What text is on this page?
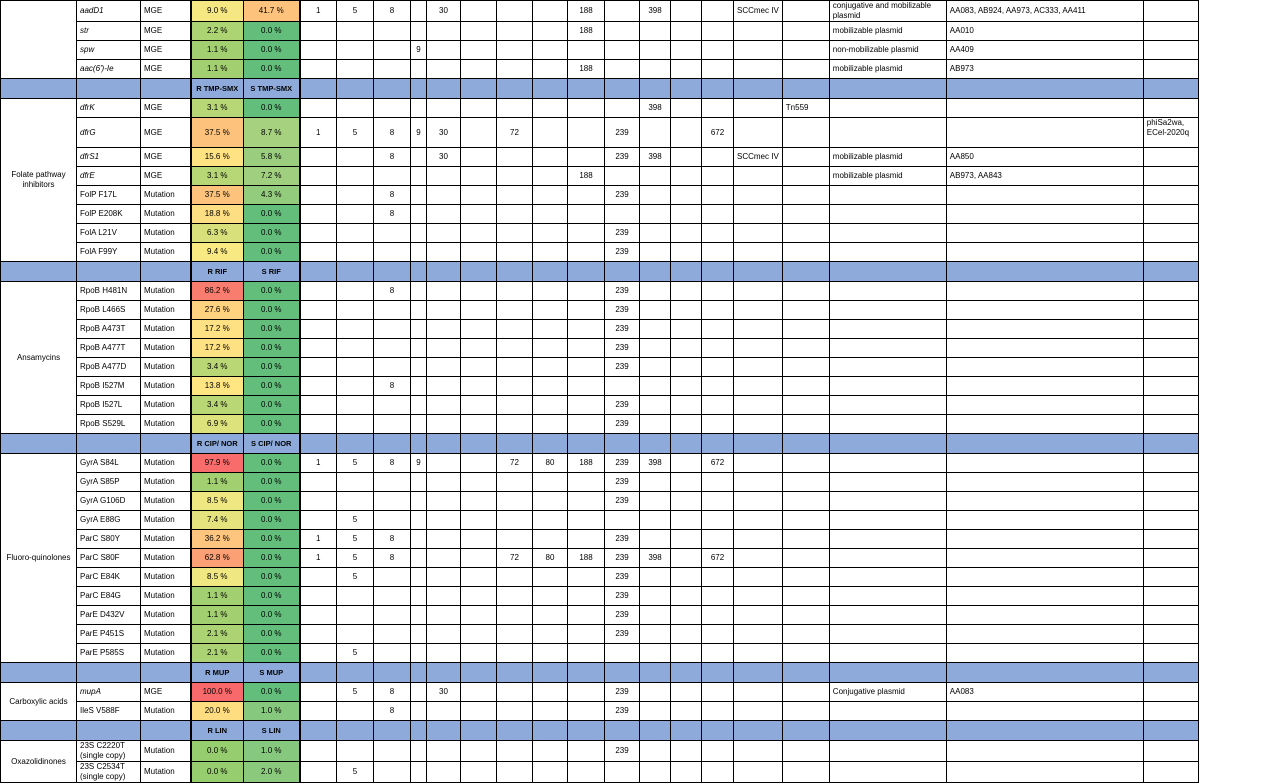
	aadD1	MGE	9.0 %	41.7 %	1	5	8		30				188		398			SCCmec IV		conjugative and mobilizable plasmid	AA083, AB924, AA973, AC333, AA411	
	str	MGE	2.2 %	0.0 %									188							mobilizable plasmid	AA010	
	spw	MGE	1.1 %	0.0 %				9												non-mobilizable plasmid	AA409	
	aac(6')-Ie	MGE	1.1 %	0.0 %									188							mobilizable plasmid	AB973	
			R TMP-SMX	S TMP-SMX																		
Folate pathway inhibitors	dfrK	MGE	3.1 %	0.0 %											398				Tn559			
	dfrG	MGE	37.5 %	8.7 %	1	5	8	9	30		72			239			672					phiSa2wa, ECel-2020q
	dfrS1	MGE	15.6 %	5.8 %			8		30					239	398			SCCmec IV		mobilizable plasmid	AA850	
	dfrE	MGE	3.1 %	7.2 %									188							mobilizable plasmid	AB973, AA843	
	FolP F17L	Mutation	37.5 %	4.3 %			8							239								
	FolP E208K	Mutation	18.8 %	0.0 %			8															
	FolA L21V	Mutation	6.3 %	0.0 %										239								
	FolA F99Y	Mutation	9.4 %	0.0 %										239								
			R RIF	S RIF																		
Ansamycins	RpoB H481N	Mutation	86.2 %	0.0 %			8							239								
	RpoB L466S	Mutation	27.6 %	0.0 %										239								
	RpoB A473T	Mutation	17.2 %	0.0 %										239								
	RpoB A477T	Mutation	17.2 %	0.0 %										239								
	RpoB A477D	Mutation	3.4 %	0.0 %										239								
	RpoB I527M	Mutation	13.8 %	0.0 %			8															
	RpoB I527L	Mutation	3.4 %	0.0 %										239								
	RpoB S529L	Mutation	6.9 %	0.0 %										239								
			R CIP/ NOR	S CIP/ NOR																		
Fluoro-quinolones	GyrA S84L	Mutation	97.9 %	0.0 %	1	5	8	9			72	80	188	239	398		672					
	GyrA S85P	Mutation	1.1 %	0.0 %										239								
	GyrA G106D	Mutation	8.5 %	0.0 %										239								
	GyrA E88G	Mutation	7.4 %	0.0 %		5																
	ParC S80Y	Mutation	36.2 %	0.0 %	1	5	8							239								
	ParC S80F	Mutation	62.8 %	0.0 %	1	5	8				72	80	188	239	398		672					
	ParC E84K	Mutation	8.5 %	0.0 %		5								239								
	ParC E84G	Mutation	1.1 %	0.0 %										239								
	ParE D432V	Mutation	1.1 %	0.0 %										239								
	ParE P451S	Mutation	2.1 %	0.0 %										239								
	ParE P585S	Mutation	2.1 %	0.0 %		5																
			R MUP	S MUP																		
Carboxylic acids	mupA	MGE	100.0 %	0.0 %		5	8		30					239						Conjugative plasmid	AA083	
	IleS V588F	Mutation	20.0 %	1.0 %			8							239								
			R LIN	S LIN																		
Oxazolidinones	23S C2220T (single copy)	Mutation	0.0 %	1.0 %										239								
	23S C2534T (single copy)	Mutation	0.0 %	2.0 %		5																
